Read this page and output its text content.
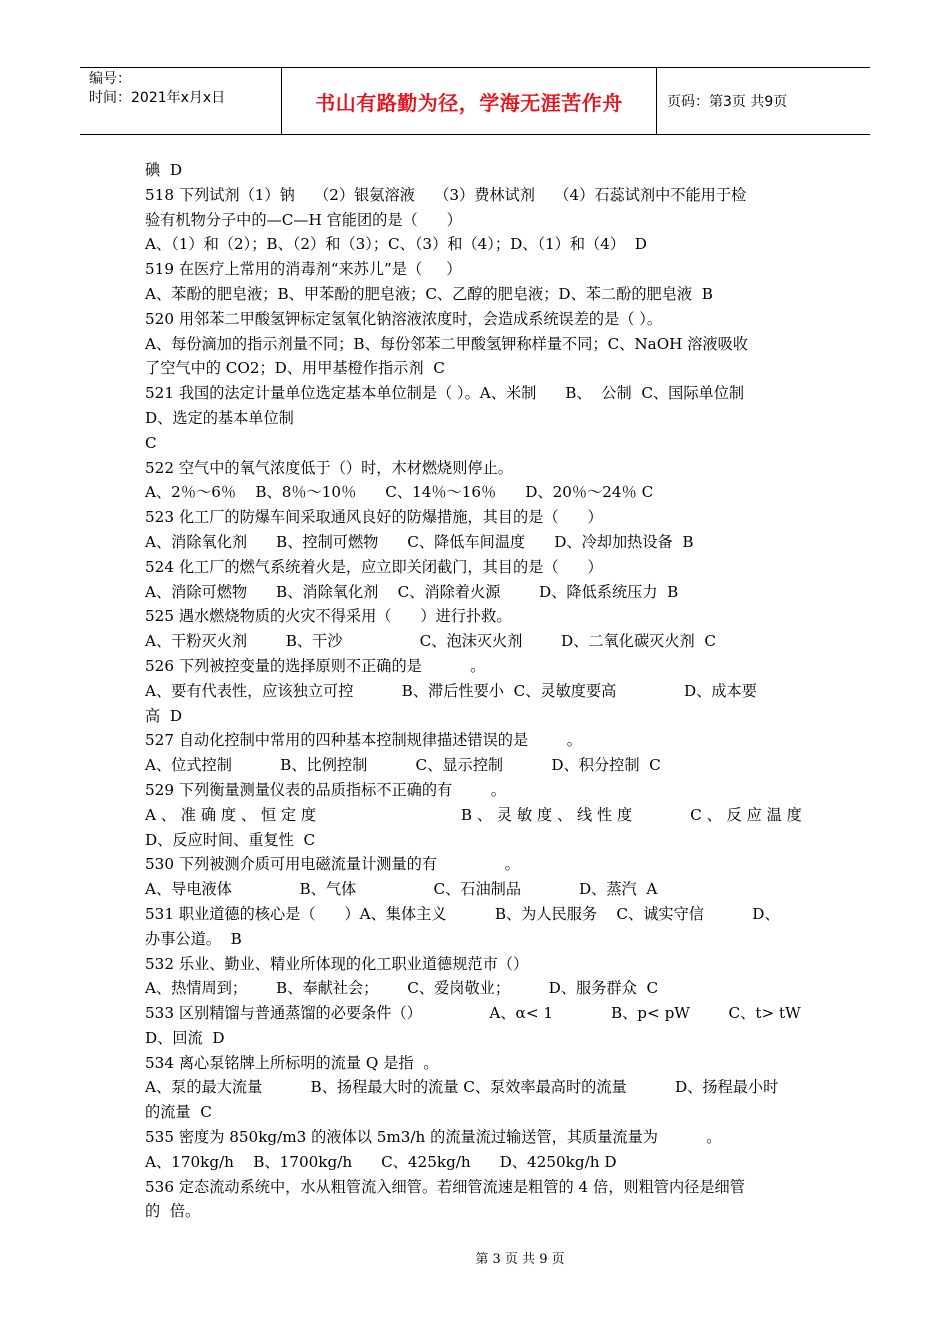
编号：
时间：2021年x月x日	书山有路勤为径，学海无涯苦作舟	页码：第3页 共9页
碘  D
518 下列试剂（1）钠    （2）银氨溶液    （3）费林试剂    （4）石蕊试剂中不能用于检
验有机物分子中的—C—H 官能团的是（      ）
A、（1）和（2）；B、（2）和（3）；C、（3）和（4）；D、（1）和（4）  D
519 在医疗上常用的消毒剂“来苏儿”是（     ）
A、苯酚的肥皂液；B、甲苯酚的肥皂液；C、乙醇的肥皂液；D、苯二酚的肥皂液  B
520 用邻苯二甲酸氢钾标定氢氧化钠溶液浓度时，会造成系统误差的是（ ）。
A、每份滴加的指示剂量不同；B、每份邻苯二甲酸氢钾称样量不同；C、NaOH 溶液吸收
了空气中的 CO2；D、用甲基橙作指示剂  C
521 我国的法定计量单位选定基本单位制是（ ）。A、米制      B、  公制  C、国际单位制
D、选定的基本单位制
C
522 空气中的氧气浓度低于（）时，木材燃烧则停止。
A、2％～6％    B、8％～10％      C、14％～16％      D、20％～24％ C
523 化工厂的防爆车间采取通风良好的防爆措施，其目的是（      ）
A、消除氧化剂      B、控制可燃物      C、降低车间温度      D、冷却加热设备  B
524 化工厂的燃气系统着火是，应立即关闭截门，其目的是（      ）
A、消除可燃物      B、消除氧化剂    C、消除着火源        D、降低系统压力  B
525 遇水燃烧物质的火灾不得采用（      ）进行扑救。
A、干粉灭火剂        B、干沙                C、泡沫灭火剂        D、二氧化碳灭火剂  C
526 下列被控变量的选择原则不正确的是          。
A、要有代表性，应该独立可控          B、滞后性要小  C、灵敏度要高              D、成本要
高  D
527 自动化控制中常用的四种基本控制规律描述错误的是        。
A、位式控制          B、比例控制          C、显示控制          D、积分控制  C
529 下列衡量测量仪表的品质指标不正确的有        。
A 、 准 确 度 、 恒 定 度                              B 、 灵 敏 度 、 线 性 度            C 、 反 应 温 度
D、反应时间、重复性  C
530 下列被测介质可用电磁流量计测量的有              。
A、导电液体              B、气体                C、石油制品            D、蒸汽  A
531 职业道德的核心是（      ）A、集体主义          B、为人民服务    C、诚实守信          D、
办事公道。  B
532 乐业、勤业、精业所体现的化工职业道德规范市（）
A、热情周到；      B、奉献社会；      C、爱岗敬业；        D、服务群众  C
533 区别精馏与普通蒸馏的必要条件（）              A、α< 1            B、p< pW        C、t> tW
D、回流  D
534 离心泵铭牌上所标明的流量 Q 是指  。
A、泵的最大流量          B、扬程最大时的流量 C、泵效率最高时的流量          D、扬程最小时
的流量  C
535 密度为 850kg/m3 的液体以 5m3/h 的流量流过输送管，其质量流量为          。
A、170kg/h    B、1700kg/h      C、425kg/h      D、4250kg/h D
536 定态流动系统中，水从粗管流入细管。若细管流速是粗管的 4 倍，则粗管内径是细管
的  倍。
第 3 页 共 9 页
